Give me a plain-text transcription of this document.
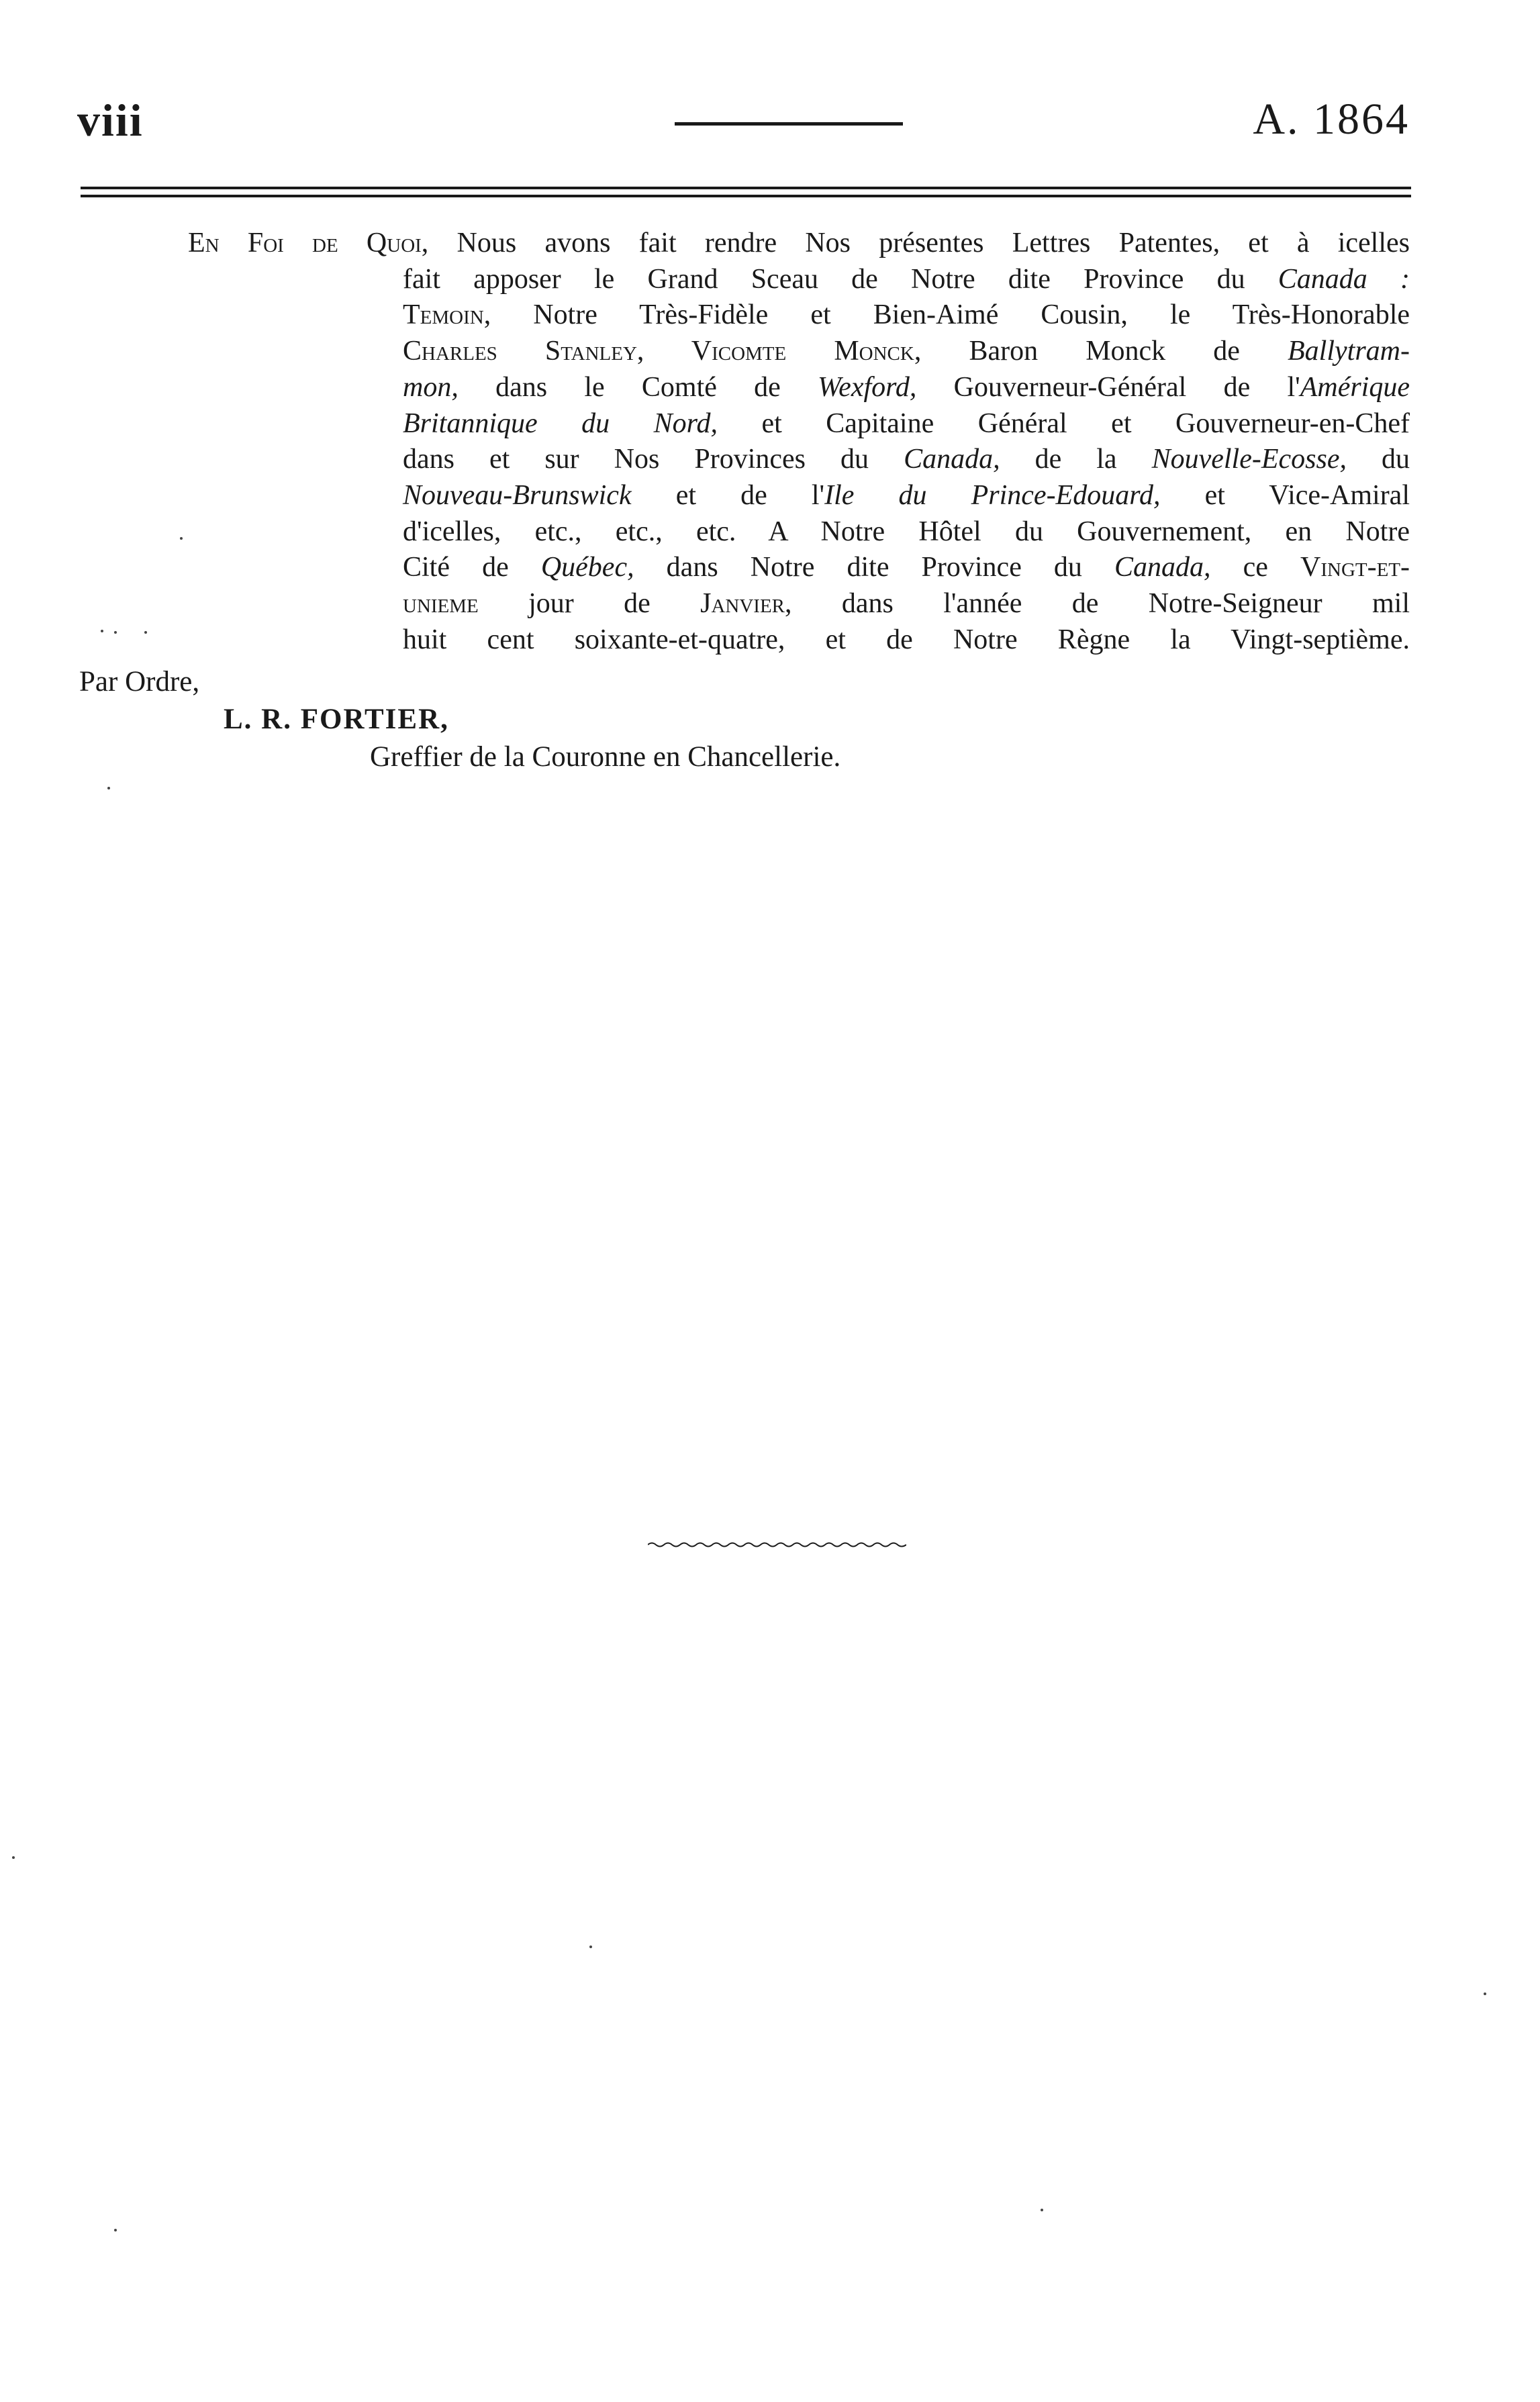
viii	A. 1864

En Foi de Quoi, Nous avons fait rendre Nos présentes Lettres Patentes, et à icelles
fait apposer le Grand Sceau de Notre dite Province du Canada :
Temoin, Notre Très-Fidèle et Bien-Aimé Cousin, le Très-Honorable
Charles Stanley, Vicomte Monck, Baron Monck de Ballytram-
mon, dans le Comté de Wexford, Gouverneur-Général de l'Amérique
Britannique du Nord, et Capitaine Général et Gouverneur-en-Chef
dans et sur Nos Provinces du Canada, de la Nouvelle-Ecosse, du
Nouveau-Brunswick et de l'Ile du Prince-Edouard, et Vice-Amiral
d'icelles, etc., etc., etc. A Notre Hôtel du Gouvernement, en Notre
Cité de Québec, dans Notre dite Province du Canada, ce Vingt-et-
unieme jour de Janvier, dans l'année de Notre-Seigneur mil
huit cent soixante-et-quatre, et de Notre Règne la Vingt-septième.

Par Ordre,
L. R. FORTIER,
Greffier de la Couronne en Chancellerie.
